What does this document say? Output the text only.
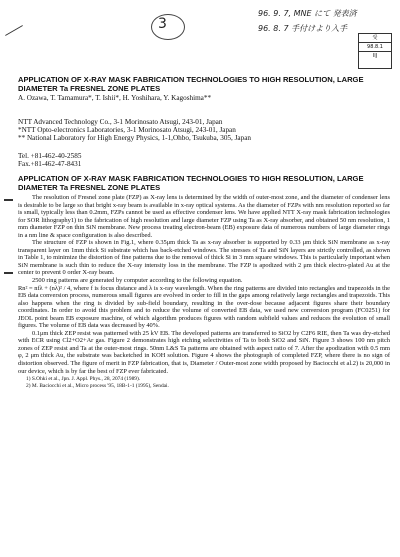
3
96. 9. 7, MNE にて 発表済
96. 8. 7 手付けより入手
受
98.8.1
IIJ
APPLICATION OF X-RAY MASK FABRICATION TECHNOLOGIES TO HIGH RESOLUTION, LARGE DIAMETER Ta FRESNEL ZONE PLATES
A. Ozawa, T. Tamamura*, T. Ishii*, H. Yoshihara, Y. Kagoshima**
NTT Advanced Technology Co., 3-1 Morinosato Atsugi, 243-01, Japan
*NTT Opto-electronics Laboratories, 3-1 Morinosato Atsugi, 243-01, Japan
** National Laboratory for High Energy Physics, 1-1,Ohbo, Tsukuba, 305, Japan
Tel. +81-462-40-2585
Fax.+81-462-47-8431
APPLICATION OF X-RAY MASK FABRICATION TECHNOLOGIES TO HIGH RESOLUTION, LARGE DIAMETER Ta FRESNEL ZONE PLATES

The resolution of Fresnel zone plate (FZP) as X-ray lens is determined by the width of outer-most zone, and the diameter of condenser lens is desirable to be large so that bright x-ray beam is available in x-ray optical systems. As the diameter of FZPs with nm resolution reported so far is small, typically less than 0.2mm, FZPs cannot be used as effective condenser lens. We have applied NTT X-ray mask fabrication technologies for SOR lithography1) to the fabrication of high resolution and large diameter FZP using Ta as X-ray absorber, and obtained 50 nm resolution, 1 mm diameter FZP on thin SiN membrane. New process treating electron-beam (EB) exposure data of numerous numbers of large diameter rings in a nm line & space configuration is also described.

The structure of FZP is shown in Fig.1, where 0.35μm thick Ta as x-ray absorber is supported by 0.33 μm thick SiN membrane as x-ray transparent layer on 1mm thick Si substrate which has back-etched windows. The stresses of Ta and SiN layers are strictly controlled, as shown in Table 1, to minimize the distortion of fine patterns due to the removal of thick Si in 3 mm square windows. This is particularly important when SiN membrane is such thin to reduce the X-ray intensity loss in the membrane. The FZP is apodized with 2 μm thick electro-plated Au at the center to prevent 0 order X-ray beam.

2500 ring patterns are generated by computer according to the following equation.

Rn² = nfλ + (nλ)² / 4, where f is focus distance and λ is x-ray wavelength. When the ring patterns are divided into rectangles and trapezoids in the EB data conversion process, numerous small figures are evolved in order to fill in the gaps among relatively large rectangles and trapezoids. This also happens when the ring is divided by sub-field boundary, resulting in the over-dose because adjacent figures share their boundary coordinates. In order to avoid this problem and to reduce the volume of converted EB data, we used new conversion program (FC0251) for JEOL point beam EB exposure machine, of which algorithm produces figures with random subfield values and reduces the evolution of small figures. The volume of EB data was decreased by 40%.

0.1μm thick ZEP resist was patterned with 25 kV EB. The developed patterns are transferred to SiO2 by C2F6 RIE, then Ta was dry-etched with ECR using Cl2+O2+Ar gas. Figure 2 demonstrates high etching selectivities of Ta to both SiO2 and SiN. Figure 3 shows 100 nm pitch zones of ZEP resist and Ta at the outer-most rings. 50nm L&S Ta patterns are obtained with aspect ratio of 7. After the apodization with 0.5 mm φ, 2 μm thick Au, the substrate was backetched in KOH solution. Figure 4 shows the photograph of completed FZP, where there is no sign of distortion observed. The figure of merit in FZP fabrication, that is, Diameter / Outer-most zone width proposed by Baciocchi et al.2) is 20,000 in our device, which is by far the best of FZP ever fabricated.

1) S.Ohki et al., Jpn. J. Appl. Phys., 28, 2074 (1989).
2) M. Baciocchi et al., Micro process '95, 18B-1-1 (1995), Sendai.
